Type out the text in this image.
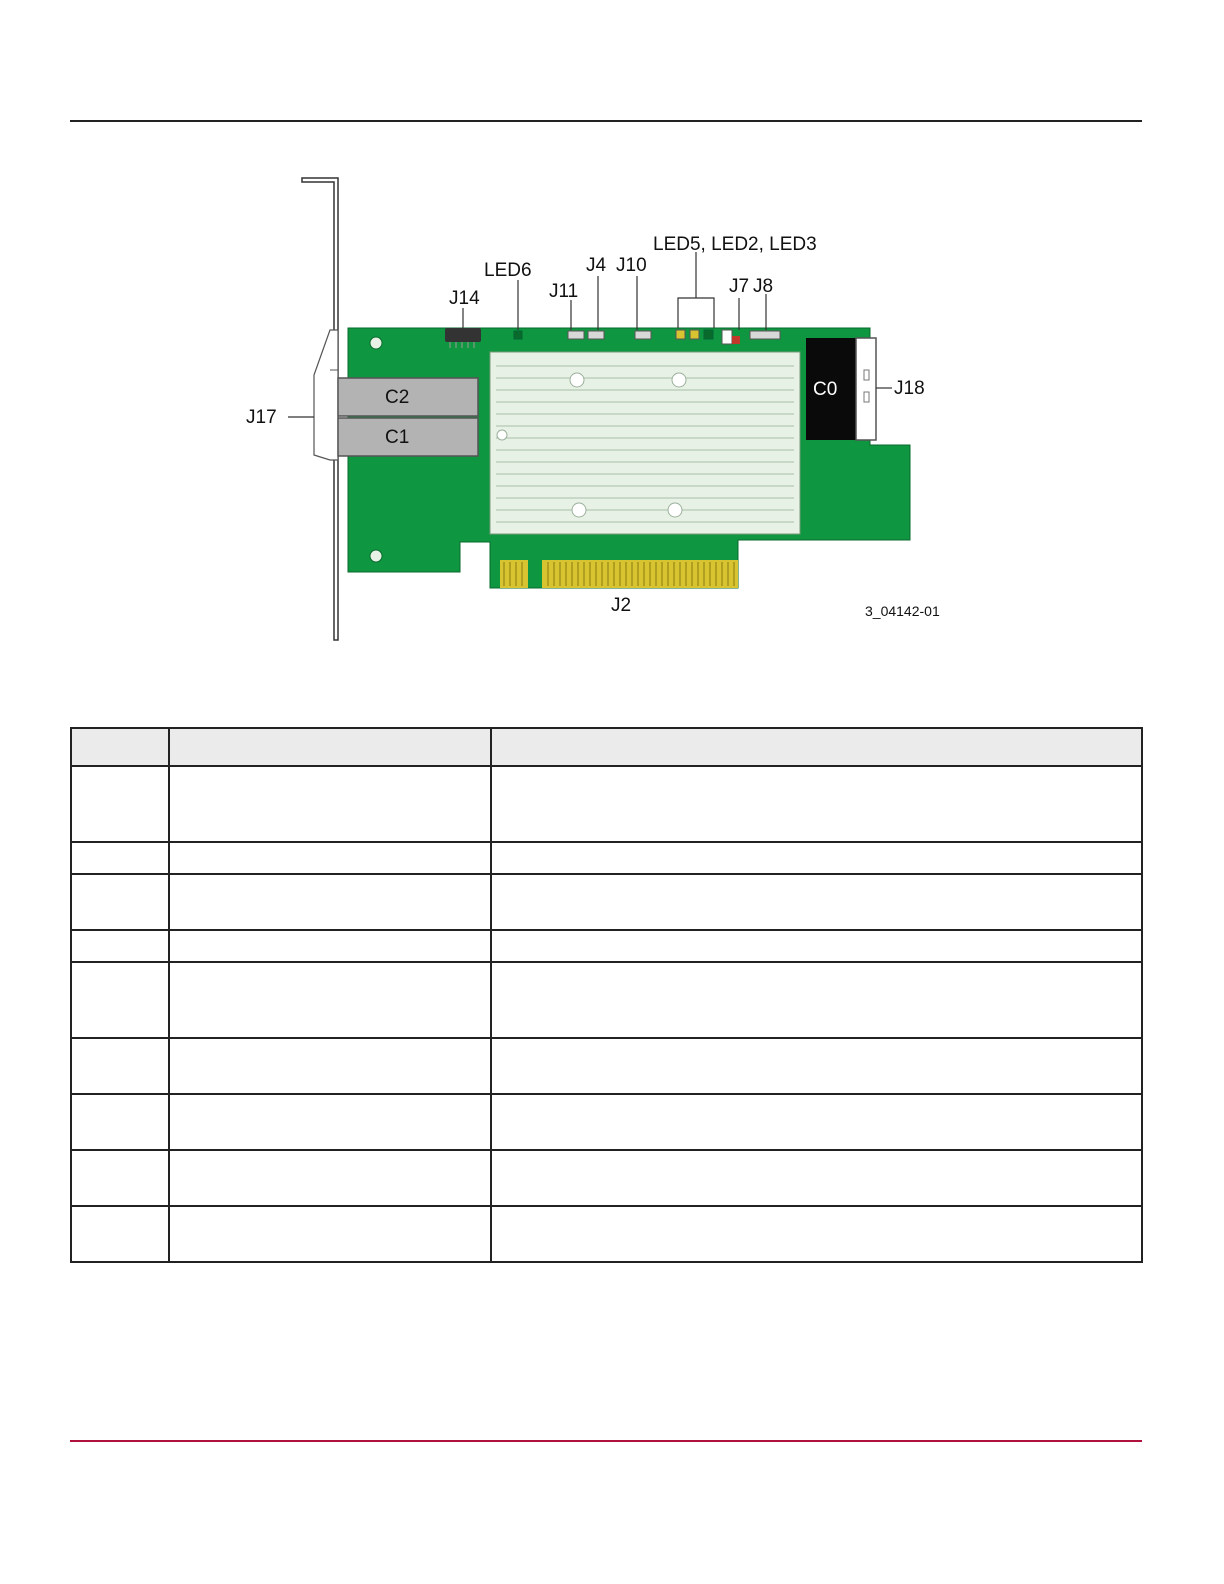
C2
C1
C0
LED5, LED2, LED3
LED6	J4 J10
J14	J11	J7 J8
J17
J18
J2	3_04142-01
